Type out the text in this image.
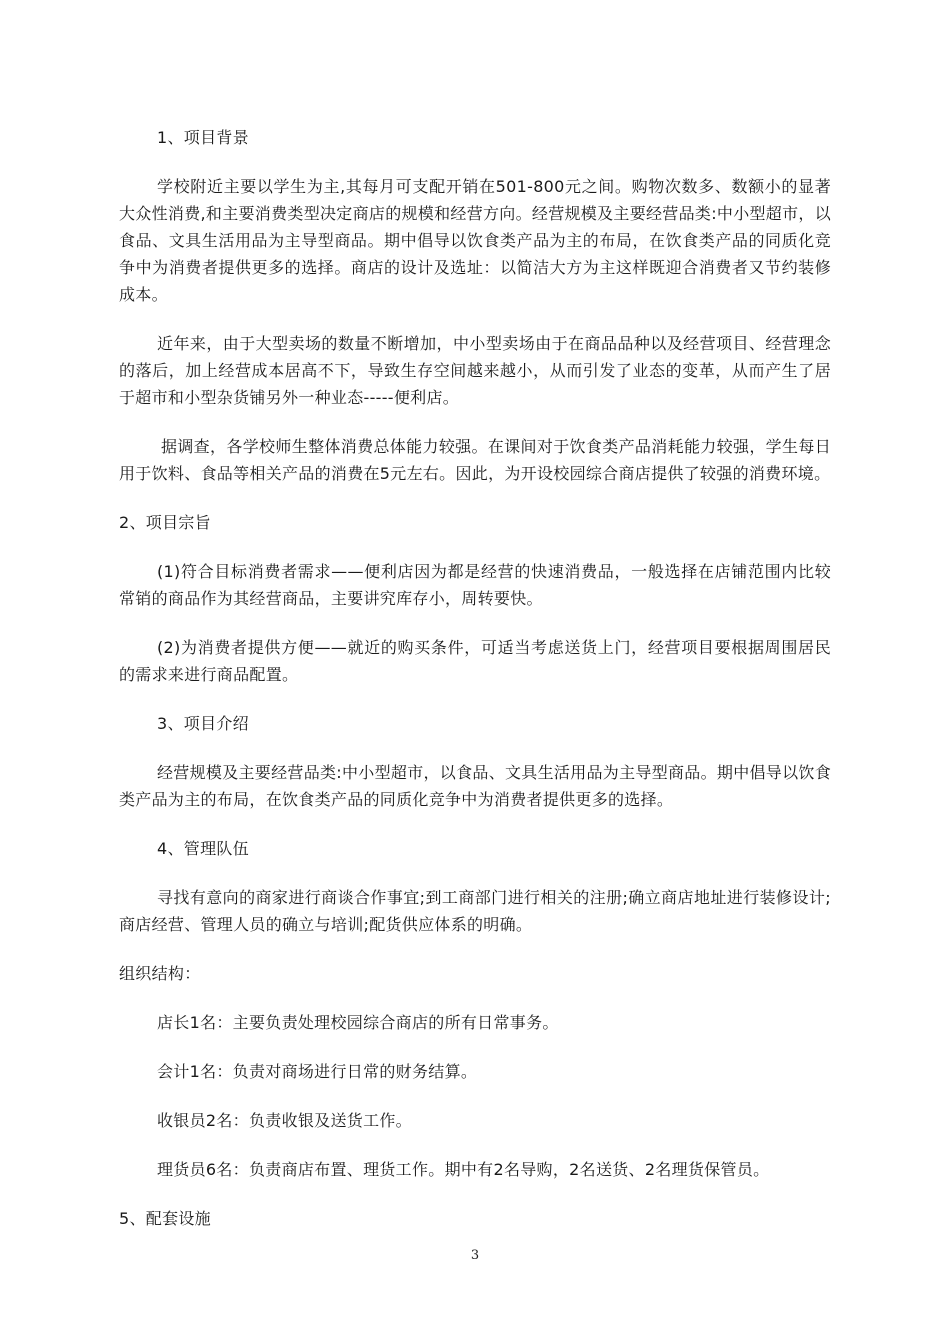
1、项目背景

学校附近主要以学生为主,其每月可支配开销在501-800元之间。购物次数多、数额小的显著大众性消费,和主要消费类型决定商店的规模和经营方向。经营规模及主要经营品类:中小型超市，以食品、文具生活用品为主导型商品。期中倡导以饮食类产品为主的布局，在饮食类产品的同质化竞争中为消费者提供更多的选择。商店的设计及选址：以简洁大方为主这样既迎合消费者又节约装修成本。

近年来，由于大型卖场的数量不断增加，中小型卖场由于在商品品种以及经营项目、经营理念的落后，加上经营成本居高不下，导致生存空间越来越小，从而引发了业态的变革，从而产生了居于超市和小型杂货铺另外一种业态-----便利店。

据调查，各学校师生整体消费总体能力较强。在课间对于饮食类产品消耗能力较强，学生每日用于饮料、食品等相关产品的消费在5元左右。因此，为开设校园综合商店提供了较强的消费环境。

2、项目宗旨

(1)符合目标消费者需求——便利店因为都是经营的快速消费品，一般选择在店铺范围内比较常销的商品作为其经营商品，主要讲究库存小，周转要快。

(2)为消费者提供方便——就近的购买条件，可适当考虑送货上门，经营项目要根据周围居民的需求来进行商品配置。

3、项目介绍

经营规模及主要经营品类:中小型超市，以食品、文具生活用品为主导型商品。期中倡导以饮食类产品为主的布局，在饮食类产品的同质化竞争中为消费者提供更多的选择。

4、管理队伍

寻找有意向的商家进行商谈合作事宜;到工商部门进行相关的注册;确立商店地址进行装修设计;商店经营、管理人员的确立与培训;配货供应体系的明确。

组织结构：

店长1名：主要负责处理校园综合商店的所有日常事务。

会计1名：负责对商场进行日常的财务结算。

收银员2名：负责收银及送货工作。

理货员6名：负责商店布置、理货工作。期中有2名导购，2名送货、2名理货保管员。

5、配套设施

3
